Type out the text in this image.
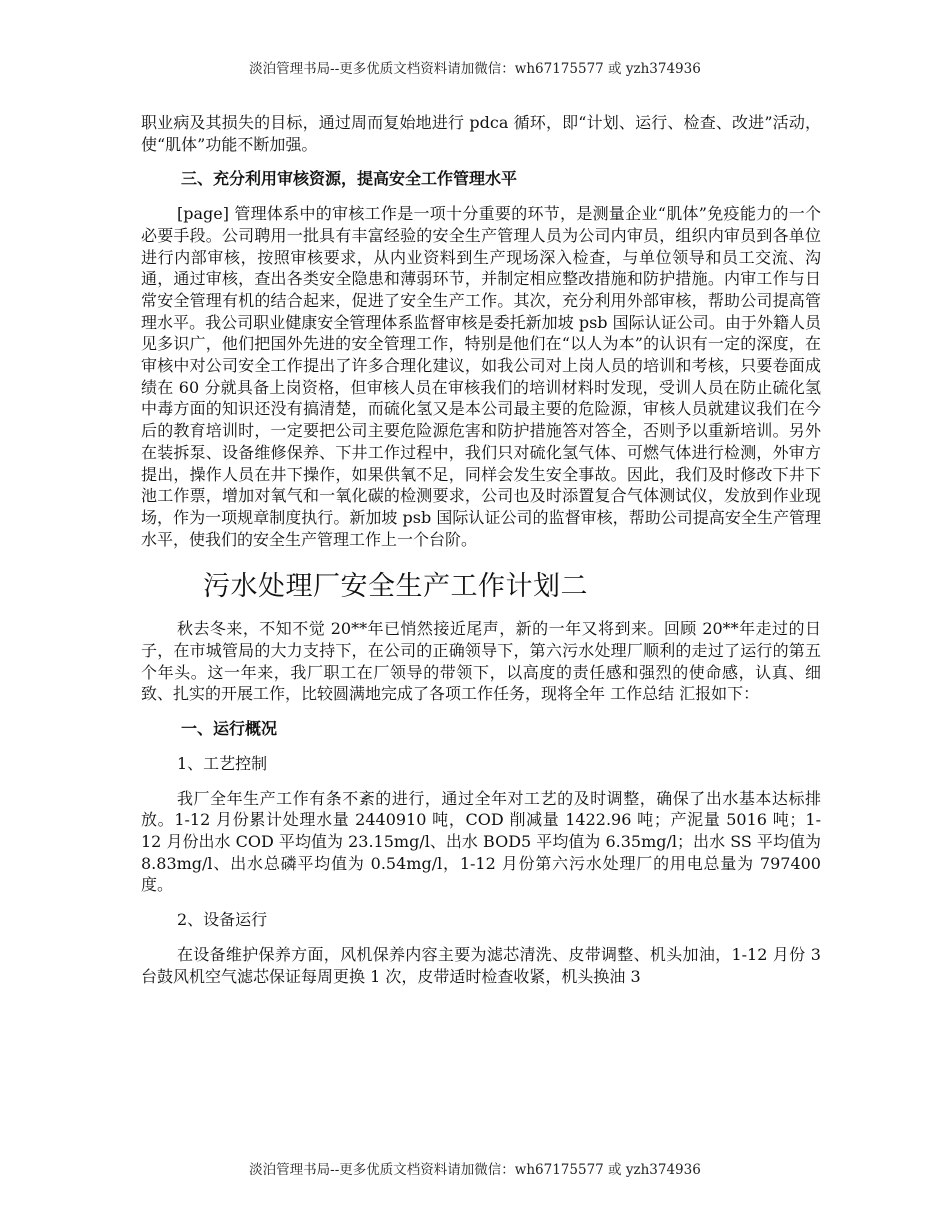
淡泊管理书局--更多优质文档资料请加微信：wh67175577 或 yzh374936

职业病及其损失的目标，通过周而复始地进行 pdca 循环，即“计划、运行、检查、改进”活动，使“肌体”功能不断加强。

三、充分利用审核资源，提高安全工作管理水平

[page] 管理体系中的审核工作是一项十分重要的环节，是测量企业“肌体”免疫能力的一个必要手段。公司聘用一批具有丰富经验的安全生产管理人员为公司内审员，组织内审员到各单位进行内部审核，按照审核要求，从内业资料到生产现场深入检查，与单位领导和员工交流、沟通，通过审核，查出各类安全隐患和薄弱环节，并制定相应整改措施和防护措施。内审工作与日常安全管理有机的结合起来，促进了安全生产工作。其次，充分利用外部审核，帮助公司提高管理水平。我公司职业健康安全管理体系监督审核是委托新加坡 psb 国际认证公司。由于外籍人员见多识广，他们把国外先进的安全管理工作，特别是他们在“以人为本”的认识有一定的深度，在审核中对公司安全工作提出了许多合理化建议，如我公司对上岗人员的培训和考核，只要卷面成绩在 60 分就具备上岗资格，但审核人员在审核我们的培训材料时发现，受训人员在防止硫化氢中毒方面的知识还没有搞清楚，而硫化氢又是本公司最主要的危险源，审核人员就建议我们在今后的教育培训时，一定要把公司主要危险源危害和防护措施答对答全，否则予以重新培训。另外在装拆泵、设备维修保养、下井工作过程中，我们只对硫化氢气体、可燃气体进行检测，外审方提出，操作人员在井下操作，如果供氧不足，同样会发生安全事故。因此，我们及时修改下井下池工作票，增加对氧气和一氧化碳的检测要求，公司也及时添置复合气体测试仪，发放到作业现场，作为一项规章制度执行。新加坡 psb 国际认证公司的监督审核，帮助公司提高安全生产管理水平，使我们的安全生产管理工作上一个台阶。

污水处理厂安全生产工作计划二

秋去冬来，不知不觉 20**年已悄然接近尾声，新的一年又将到来。回顾 20**年走过的日子，在市城管局的大力支持下，在公司的正确领导下，第六污水处理厂顺利的走过了运行的第五个年头。这一年来，我厂职工在厂领导的带领下，以高度的责任感和强烈的使命感，认真、细致、扎实的开展工作，比较圆满地完成了各项工作任务，现将全年 工作总结 汇报如下：

一、运行概况

1、工艺控制

我厂全年生产工作有条不紊的进行，通过全年对工艺的及时调整，确保了出水基本达标排放。1-12 月份累计处理水量 2440910 吨，COD 削减量 1422.96 吨；产泥量 5016 吨；1-12 月份出水 COD 平均值为 23.15mg/l、出水 BOD5 平均值为 6.35mg/l；出水 SS 平均值为 8.83mg/l、出水总磷平均值为 0.54mg/l，1-12 月份第六污水处理厂的用电总量为 797400 度。

2、设备运行

在设备维护保养方面，风机保养内容主要为滤芯清洗、皮带调整、机头加油，1-12 月份 3 台鼓风机空气滤芯保证每周更换 1 次，皮带适时检查收紧，机头换油 3

淡泊管理书局--更多优质文档资料请加微信：wh67175577 或 yzh374936
